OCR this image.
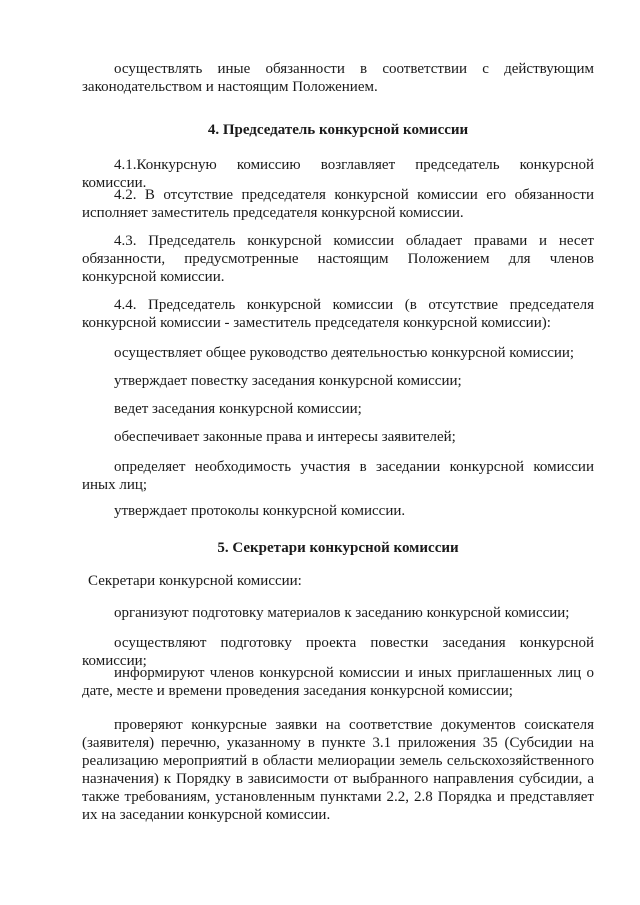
осуществлять иные обязанности в соответствии с действующим законодательством и настоящим Положением.

4. Председатель конкурсной комиссии

4.1.Конкурсную комиссию возглавляет председатель конкурсной комиссии.

4.2. В отсутствие председателя конкурсной комиссии его обязанности исполняет заместитель председателя конкурсной комиссии.

4.3. Председатель конкурсной комиссии обладает правами и несет обязанности, предусмотренные настоящим Положением для членов конкурсной комиссии.

4.4. Председатель конкурсной комиссии (в отсутствие председателя конкурсной комиссии - заместитель председателя конкурсной комиссии):

осуществляет общее руководство деятельностью конкурсной комиссии;

утверждает повестку заседания конкурсной комиссии;

ведет заседания конкурсной комиссии;

обеспечивает законные права и интересы заявителей;

определяет необходимость участия в заседании конкурсной комиссии иных лиц;

утверждает протоколы конкурсной комиссии.

5. Секретари конкурсной комиссии

Секретари конкурсной комиссии:

организуют подготовку материалов к заседанию конкурсной комиссии;

осуществляют подготовку проекта повестки заседания конкурсной комиссии;

информируют членов конкурсной комиссии и иных приглашенных лиц о дате, месте и времени проведения заседания конкурсной комиссии;

проверяют конкурсные заявки на соответствие документов соискателя (заявителя) перечню, указанному в пункте 3.1 приложения 35 (Субсидии на реализацию мероприятий в области мелиорации земель сельскохозяйственного назначения) к Порядку в зависимости от выбранного направления субсидии, а также требованиям, установленным пунктами 2.2, 2.8 Порядка и представляет их на заседании конкурсной комиссии.
